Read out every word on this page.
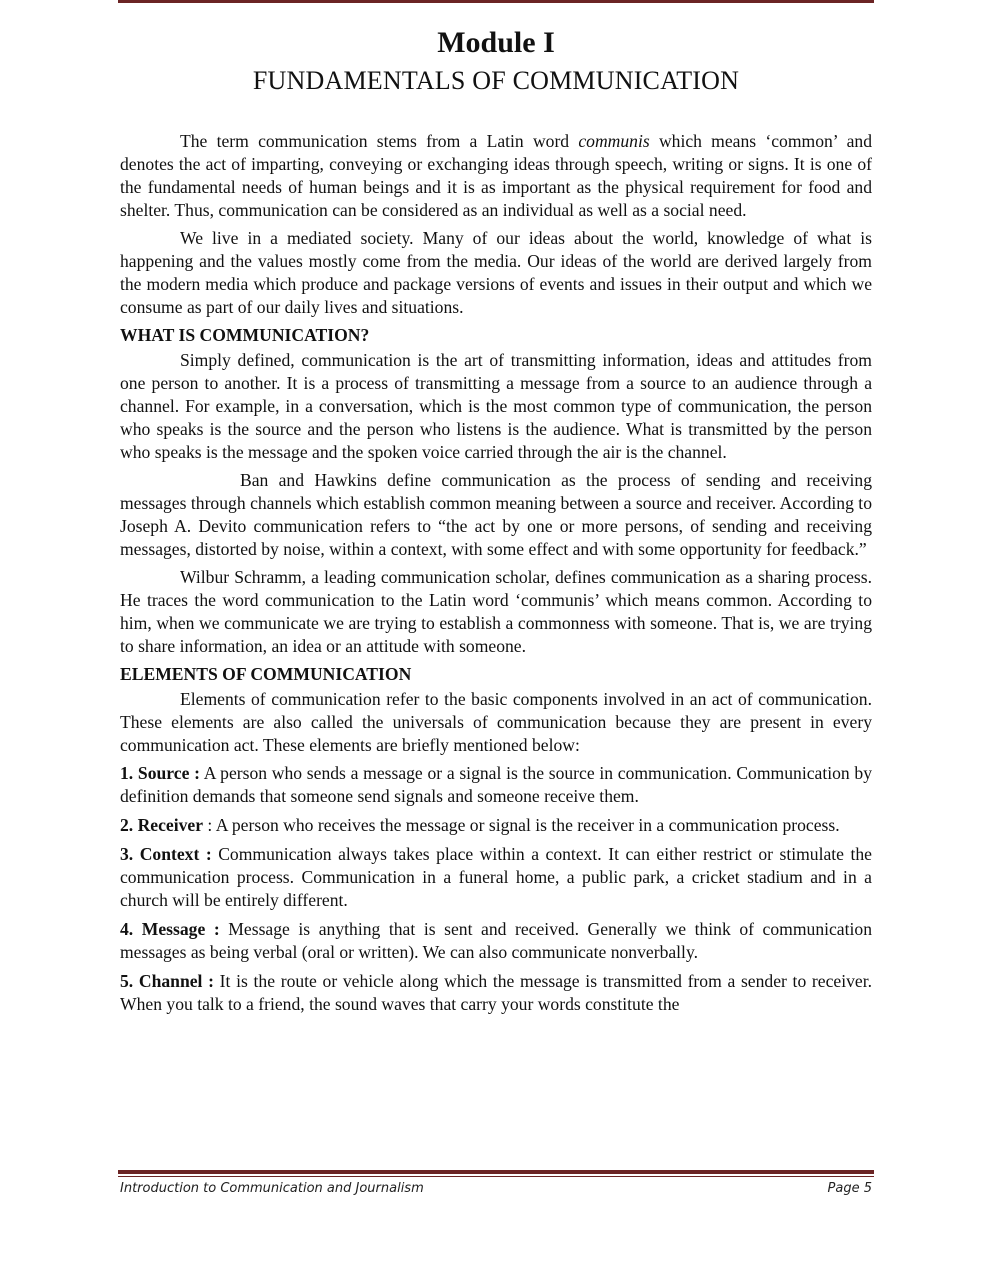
Module I
FUNDAMENTALS OF COMMUNICATION

The term communication stems from a Latin word communis which means ‘common’ and denotes the act of imparting, conveying or exchanging ideas through speech, writing or signs. It is one of the fundamental needs of human beings and it is as important as the physical requirement for food and shelter. Thus, communication can be considered as an individual as well as a social need.

We live in a mediated society. Many of our ideas about the world, knowledge of what is happening and the values mostly come from the media. Our ideas of the world are derived largely from the modern media which produce and package versions of events and issues in their output and which we consume as part of our daily lives and situations.

WHAT IS COMMUNICATION?

Simply defined, communication is the art of transmitting information, ideas and attitudes from one person to another. It is a process of transmitting a message from a source to an audience through a channel. For example, in a conversation, which is the most common type of communication, the person who speaks is the source and the person who listens is the audience. What is transmitted by the person who speaks is the message and the spoken voice carried through the air is the channel.

Ban and Hawkins define communication as the process of sending and receiving messages through channels which establish common meaning between a source and receiver. According to Joseph A. Devito communication refers to “the act by one or more persons, of sending and receiving messages, distorted by noise, within a context, with some effect and with some opportunity for feedback.”

Wilbur Schramm, a leading communication scholar, defines communication as a sharing process. He traces the word communication to the Latin word ‘communis’ which means common. According to him, when we communicate we are trying to establish a commonness with someone. That is, we are trying to share information, an idea or an attitude with someone.

ELEMENTS OF COMMUNICATION

Elements of communication refer to the basic components involved in an act of communication. These elements are also called the universals of communication because they are present in every communication act. These elements are briefly mentioned below:

1. Source : A person who sends a message or a signal is the source in communication. Communication by definition demands that someone send signals and someone receive them.

2. Receiver : A person who receives the message or signal is the receiver in a communication process.

3. Context : Communication always takes place within a context. It can either restrict or stimulate the communication process. Communication in a funeral home, a public park, a cricket stadium and in a church will be entirely different.

4. Message : Message is anything that is sent and received. Generally we think of communication messages as being verbal (oral or written). We can also communicate nonverbally.

5. Channel : It is the route or vehicle along which the message is transmitted from a sender to receiver. When you talk to a friend, the sound waves that carry your words constitute the

Introduction to Communication and Journalism	Page 5
